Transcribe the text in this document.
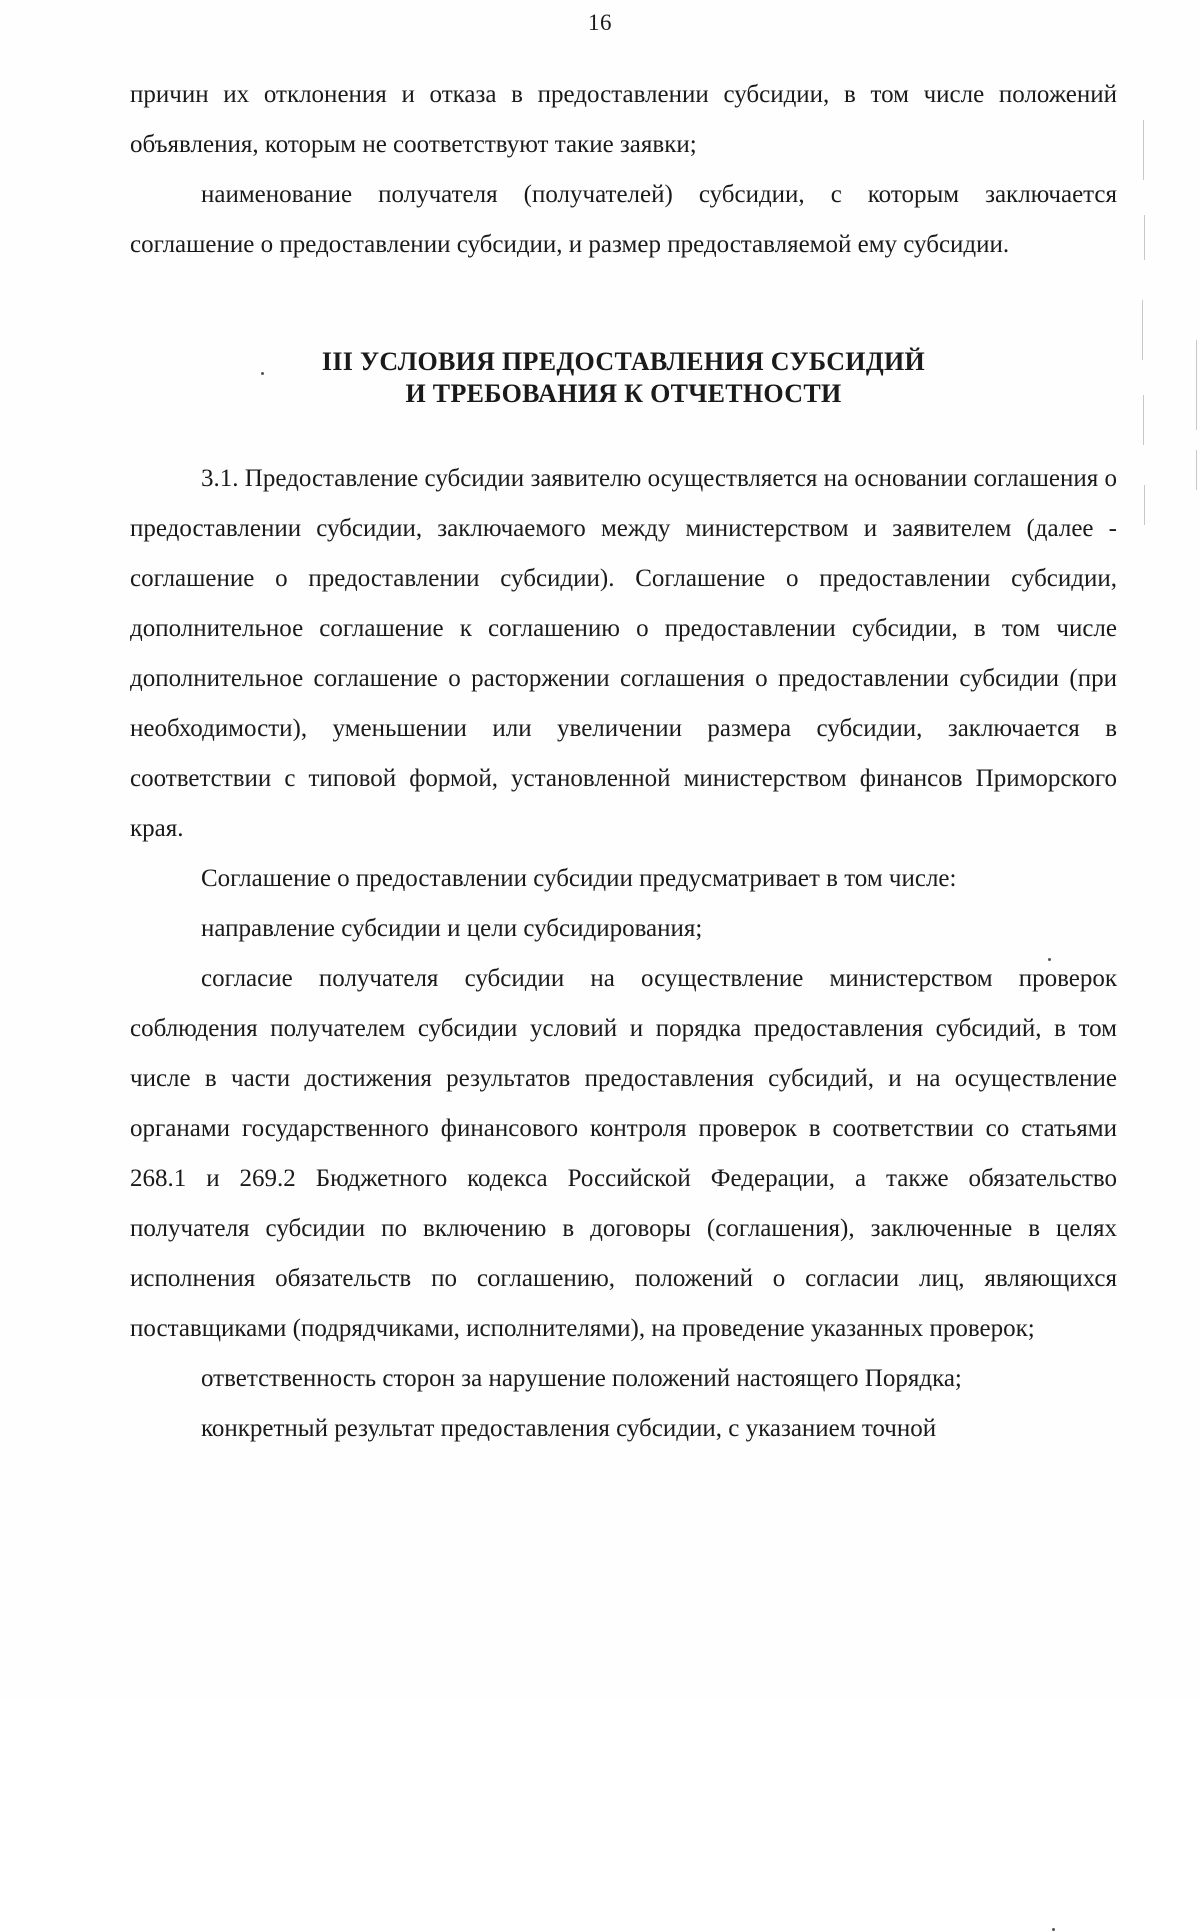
16

причин их отклонения и отказа в предоставлении субсидии, в том числе положений объявления, которым не соответствуют такие заявки;

наименование получателя (получателей) субсидии, с которым заключается соглашение о предоставлении субсидии, и размер предоставляемой ему субсидии.

III УСЛОВИЯ ПРЕДОСТАВЛЕНИЯ СУБСИДИЙ
И ТРЕБОВАНИЯ К ОТЧЕТНОСТИ

3.1. Предоставление субсидии заявителю осуществляется на основании соглашения о предоставлении субсидии, заключаемого между министерством и заявителем (далее - соглашение о предоставлении субсидии). Соглашение о предоставлении субсидии, дополнительное соглашение к соглашению о предоставлении субсидии, в том числе дополнительное соглашение о расторжении соглашения о предоставлении субсидии (при необходимости), уменьшении или увеличении размера субсидии, заключается в соответствии с типовой формой, установленной министерством финансов Приморского края.

Соглашение о предоставлении субсидии предусматривает в том числе:

направление субсидии и цели субсидирования;

согласие получателя субсидии на осуществление министерством проверок соблюдения получателем субсидии условий и порядка предоставления субсидий, в том числе в части достижения результатов предоставления субсидий, и на осуществление органами государственного финансового контроля проверок в соответствии со статьями 268.1 и 269.2 Бюджетного кодекса Российской Федерации, а также обязательство получателя субсидии по включению в договоры (соглашения), заключенные в целях исполнения обязательств по соглашению, положений о согласии лиц, являющихся поставщиками (подрядчиками, исполнителями), на проведение указанных проверок;

ответственность сторон за нарушение положений настоящего Порядка;

конкретный результат предоставления субсидии, с указанием точной
